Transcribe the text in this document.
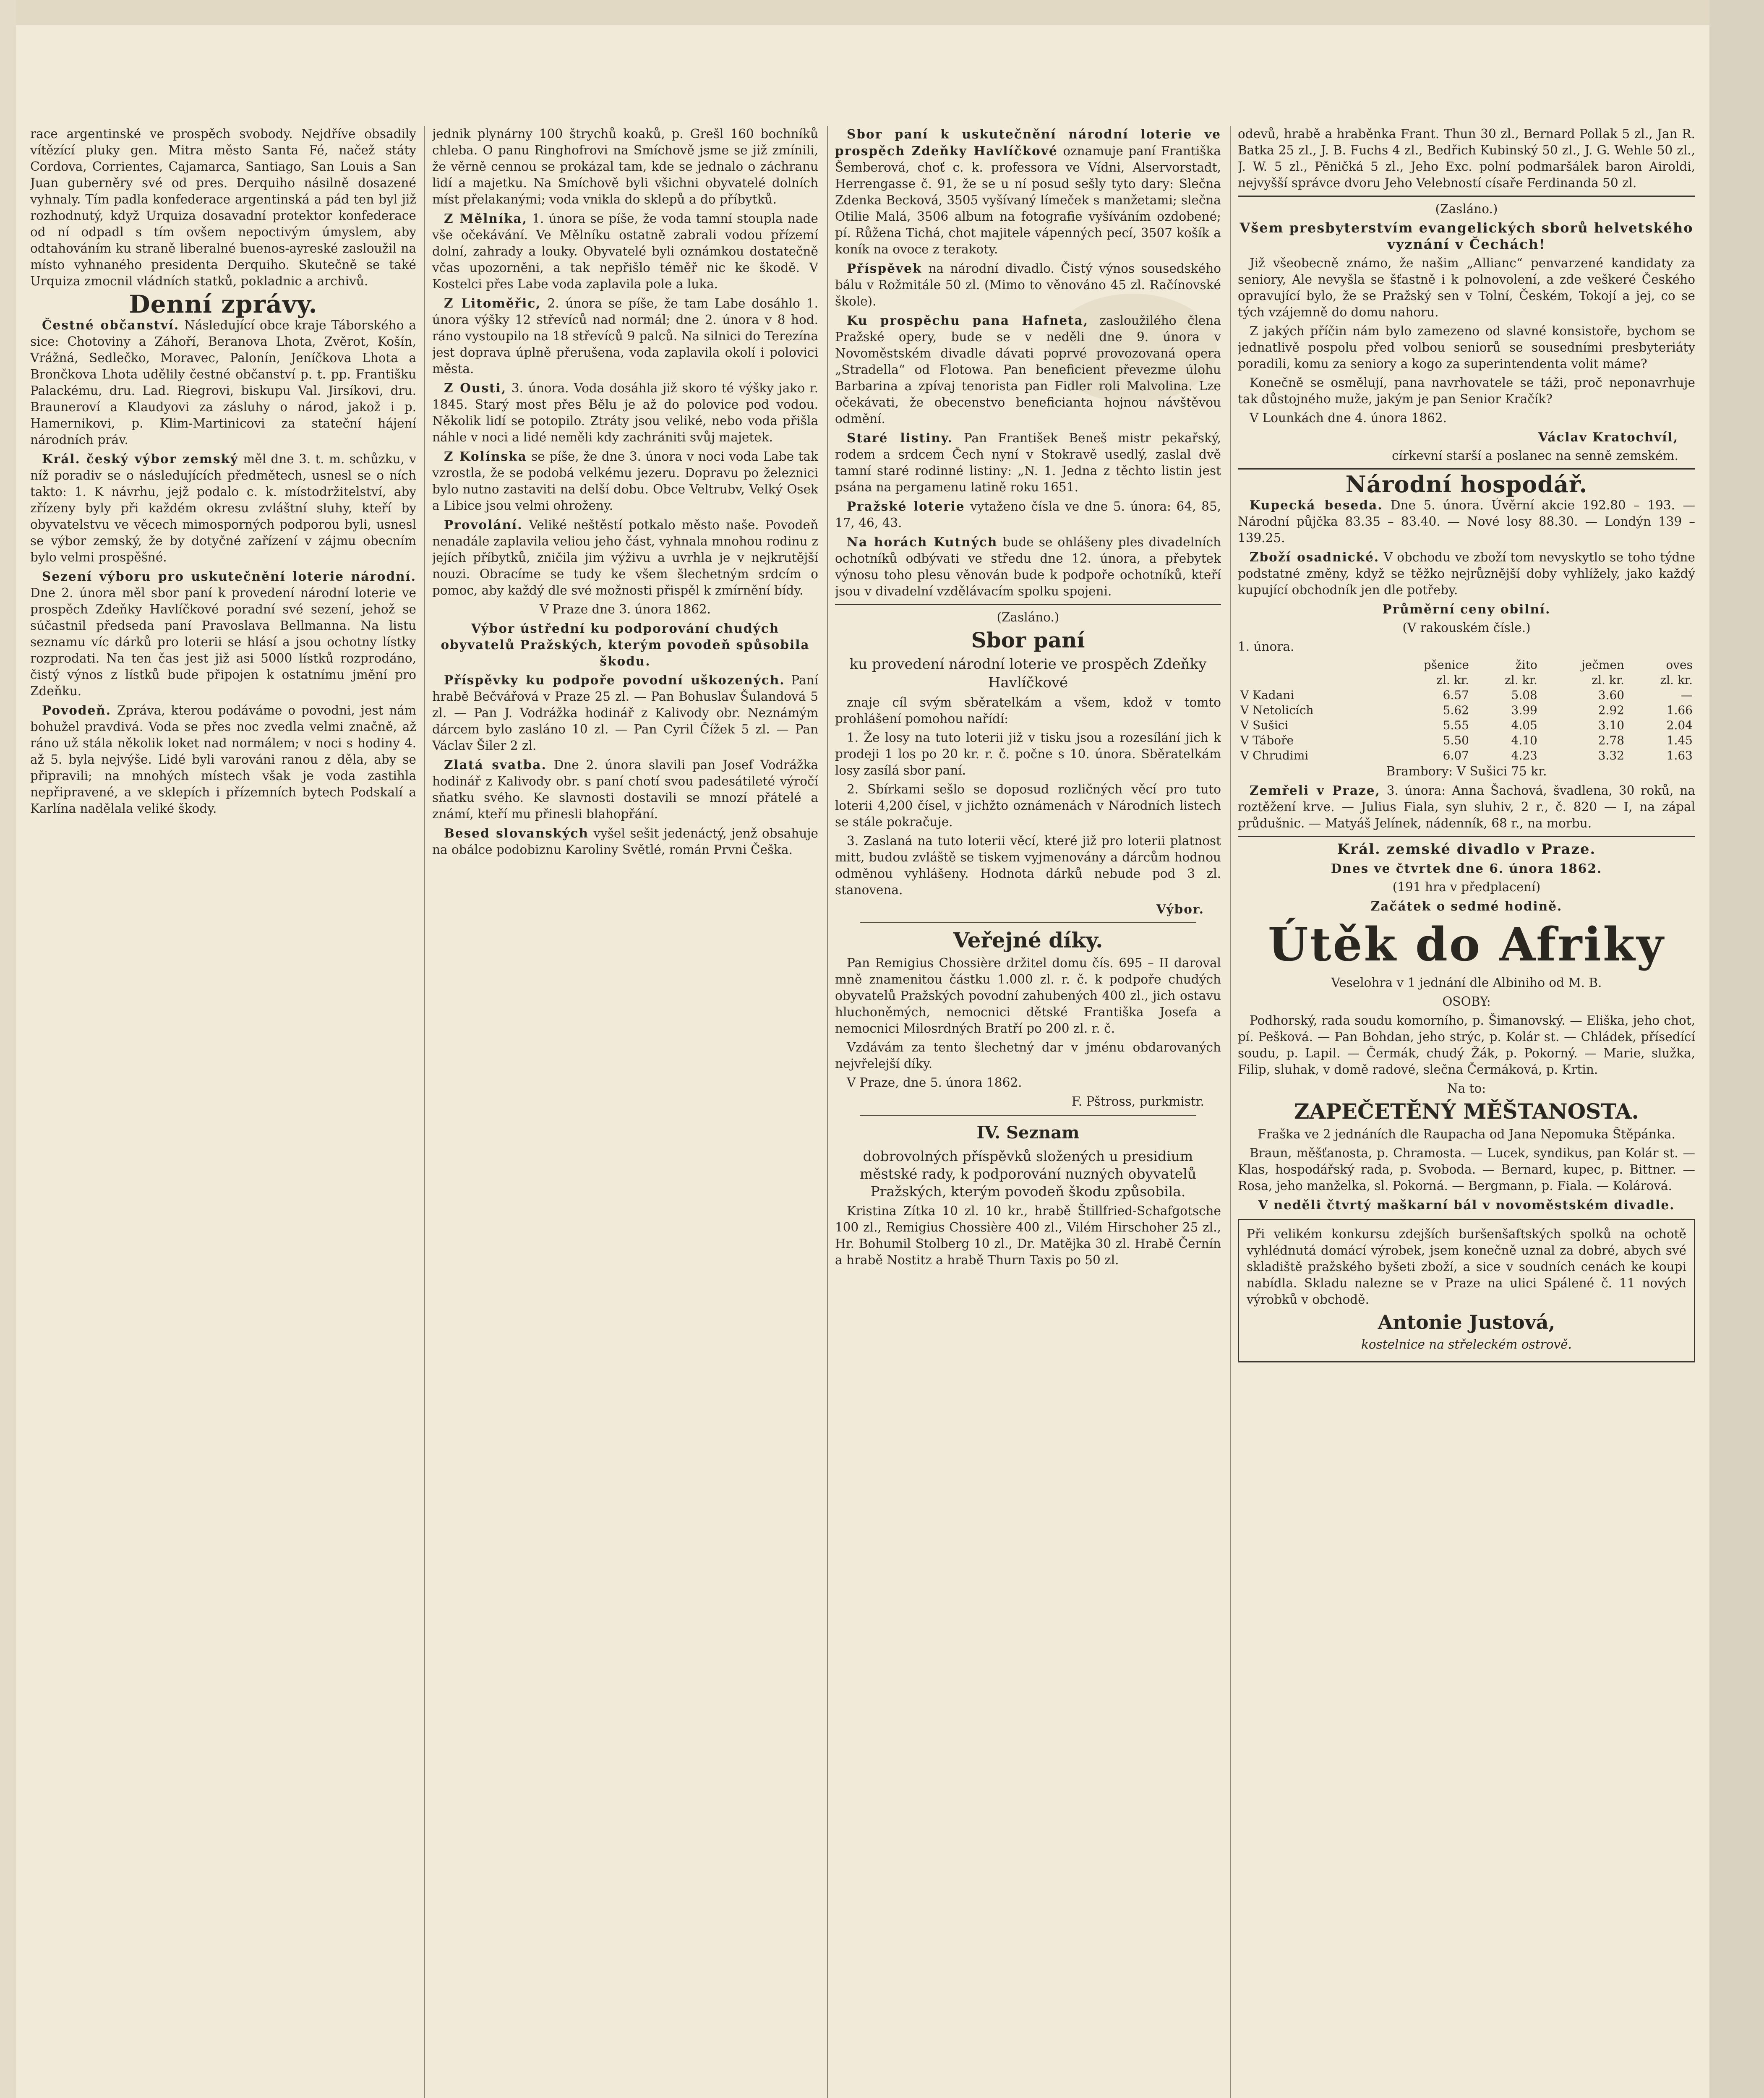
race argentinské ve prospěch svobody. Nejdříve obsadily vítězící pluky gen. Mitra město Santa Fé, načež státy Cordova, Corrientes, Cajamarca, Santiago, San Louis a San Juan guberněry své od pres. Derquiho násilně dosazené vyhnaly. Tím padla konfederace argentinská a pád ten byl již rozhodnutý, když Urquiza dosavadní protektor konfederace od ní odpadl s tím ovšem nepoctivým úmyslem, aby odtahováním ku straně liberalné buenos-ayreské zasloužil na místo vyhnaného presidenta Derquiho. Skutečně se také Urquiza zmocnil vládních statků, pokladnic a archivů.

Denní zprávy.

Čestné občanství. Následující obce kraje Táborského a sice: Chotoviny a Záhoří, Beranova Lhota, Zvěrot, Košín, Vrážná, Sedlečko, Moravec, Palonín, Jeníčkova Lhota a Brončkova Lhota udělily čestné občanství p. t. pp. Františku Palackému, dru. Lad. Riegrovi, biskupu Val. Jirsíkovi, dru. Brauneroví a Klaudyovi za zásluhy o národ, jakož i p. Hamernikovi, p. Klim-Martinicovi za stateční hájení národních práv.

Král. český výbor zemský měl dne 3. t. m. schůzku, v níž poradiv se o následujících předmětech, usnesl se o ních takto: 1. K návrhu, jejž podalo c. k. místodržitelství, aby zřízeny byly při každém okresu zvláštní sluhy, kteří by obyvatelstvu ve věcech mimosporných podporou byli, usnesl se výbor zemský, že by dotyčné zařízení v zájmu obecním bylo velmi prospěšné.

Sezení výboru pro uskutečnění loterie národní. Dne 2. února měl sbor paní k provedení národní loterie ve prospěch Zdeňky Havlíčkové poradní své sezení, jehož se súčastnil předseda paní Pravoslava Bellmanna. Na listu seznamu víc dárků pro loterii se hlásí a jsou ochotny lístky rozprodati. Na ten čas jest již asi 5000 lístků rozprodáno, čistý výnos z lístků bude připojen k ostatnímu jmění pro Zdeňku.

Povodeň. Zpráva, kterou podáváme o povodni, jest nám bohužel pravdivá. Voda se přes noc zvedla velmi značně, až ráno už stála několik loket nad normálem; v noci s hodiny 4. až 5. byla nejvýše. Lidé byli varováni ranou z děla, aby se připravili; na mnohých místech však je voda zastihla nepřipravené, a ve sklepích i přízemních bytech Podskalí a Karlína nadělala veliké škody.

jednik plynárny 100 štrychů koaků, p. Grešl 160 bochníků chleba. O panu Ringhofrovi na Smíchově jsme se již zmínili, že věrně cennou se prokázal tam, kde se jednalo o záchranu lidí a majetku. Na Smíchově byli všichni obyvatelé dolních míst přelakanými; voda vnikla do sklepů a do příbytků.

Z Mělníka, 1. února se píše, že voda tamní stoupla nade vše očekávání. Ve Mělníku ostatně zabrali vodou přízemí dolní, zahrady a louky. Obyvatelé byli oznámkou dostatečně včas upozorněni, a tak nepřišlo téměř nic ke škodě. V Kostelci přes Labe voda zaplavila pole a luka.

Z Litoměřic, 2. února se píše, že tam Labe dosáhlo 1. února výšky 12 střevíců nad normál; dne 2. února v 8 hod. ráno vystoupilo na 18 střevíců 9 palců. Na silnici do Terezína jest doprava úplně přerušena, voda zaplavila okolí i polovici města.

Z Ousti, 3. února. Voda dosáhla již skoro té výšky jako r. 1845. Starý most přes Bělu je až do polovice pod vodou. Několik lidí se potopilo. Ztráty jsou veliké, nebo voda přišla náhle v noci a lidé neměli kdy zachrániti svůj majetek.

Z Kolínska se píše, že dne 3. února v noci voda Labe tak vzrostla, že se podobá velkému jezeru. Dopravu po železnici bylo nutno zastaviti na delší dobu. Obce Veltrubv, Velký Osek a Libice jsou velmi ohroženy.

Provolání. Veliké neštěstí potkalo město naše. Povodeň nenadále zaplavila veliou jeho část, vyhnala mnohou rodinu z jejích příbytků, zničila jim výživu a uvrhla je v nejkrutější nouzi. Obracíme se tudy ke všem šlechetným srdcím o pomoc, aby každý dle své možnosti přispěl k zmírnění bídy.

V Praze dne 3. února 1862.

Výbor ústřední ku podporování chudých obyvatelů Pražských, kterým povodeň spůsobila škodu.

Příspěvky ku podpoře povodní uškozených. Paní hrabě Bečvářová v Praze 25 zl. — Pan Bohuslav Šulandová 5 zl. — Pan J. Vodrážka hodinář z Kalivody obr. Neznámým dárcem bylo zasláno 10 zl. — Pan Cyril Čížek 5 zl. — Pan Václav Šiler 2 zl.

Zlatá svatba. Dne 2. února slavili pan Josef Vodrážka hodinář z Kalivody obr. s paní chotí svou padesátileté výročí sňatku svého. Ke slavnosti dostavili se mnozí přátelé a známí, kteří mu přinesli blahopřání.

Besed slovanských vyšel sešit jedenáctý, jenž obsahuje na obálce podobiznu Karoliny Světlé, román Prvni Češka.

Sbor paní k uskutečnění národní loterie ve prospěch Zdeňky Havlíčkové oznamuje paní Františka Šemberová, choť c. k. professora ve Vídni, Alservorstadt, Herrengasse č. 91, že se u ní posud sešly tyto dary: Slečna Zdenka Becková, 3505 vyšívaný límeček s manžetami; slečna Otilie Malá, 3506 album na fotografie vyšíváním ozdobené; pí. Růžena Tichá, chot majitele vápenných pecí, 3507 košík a koník na ovoce z terakoty.

Příspěvek na národní divadlo. Čistý výnos sousedského bálu v Rožmitále 50 zl. (Mimo to věnováno 45 zl. Račínovské škole).

Ku prospěchu pana Hafneta, zasloužilého člena Pražské opery, bude se v neděli dne 9. února v Novoměstském divadle dávati poprvé provozovaná opera „Stradella“ od Flotowa. Pan beneficient převezme úlohu Barbarina a zpívaj tenorista pan Fidler roli Malvolina. Lze očekávati, že obecenstvo beneficianta hojnou návštěvou odmění.

Staré listiny. Pan František Beneš mistr pekařský, rodem a srdcem Čech nyní v Stokravě usedlý, zaslal dvě tamní staré rodinné listiny: „N. 1. Jedna z těchto listin jest psána na pergamenu latině roku 1651.

Pražské loterie vytaženo čísla ve dne 5. února: 64, 85, 17, 46, 43.

Na horách Kutných bude se ohlášeny ples divadelních ochotníků odbývati ve středu dne 12. února, a přebytek výnosu toho plesu věnován bude k podpoře ochotníků, kteří jsou v divadelní vzdělávacím spolku spojeni.

(Zasláno.)

Sbor paní

ku provedení národní loterie ve prospěch Zdeňky Havlíčkové

znaje cíl svým sběratelkám a všem, kdož v tomto prohlášení pomohou nařídí:

1. Že losy na tuto loterii již v tisku jsou a rozesílání jich k prodeji 1 los po 20 kr. r. č. počne s 10. února. Sběratelkám losy zasílá sbor paní.

2. Sbírkami sešlo se doposud rozličných věcí pro tuto loterii 4,200 čísel, v jichžto oznámenách v Národních listech se stále pokračuje.

3. Zaslaná na tuto loterii věcí, které již pro loterii platnost mitt, budou zvláště se tiskem vyjmenovány a dárcům hodnou odměnou vyhlášeny. Hodnota dárků nebude pod 3 zl. stanovena.

Výbor.

Veřejné díky.

Pan Remigius Chossière držitel domu čís. 695 – II daroval mně znamenitou částku 1.000 zl. r. č. k podpoře chudých obyvatelů Pražských povodní zahubených 400 zl., jich ostavu hluchoněmých, nemocnici dětské Františka Josefa a nemocnici Milosrdných Bratří po 200 zl. r. č.

Vzdávám za tento šlechetný dar v jménu obdarovaných nejvřelejší díky.

V Praze, dne 5. února 1862.

F. Pštross, purkmistr.

IV. Seznam

dobrovolných příspěvků složených u presidium městské rady, k podporování nuzných obyvatelů Pražských, kterým povodeň škodu způsobila.

Kristina Zítka 10 zl. 10 kr., hrabě Štillfried-Schafgotsche 100 zl., Remigius Chossière 400 zl., Vilém Hirschoher 25 zl., Hr. Bohumil Stolberg 10 zl., Dr. Matějka 30 zl. Hrabě Černín a hrabě Nostitz a hrabě Thurn Taxis po 50 zl.

odevů, hrabě a hraběnka Frant. Thun 30 zl., Bernard Pollak 5 zl., Jan R. Batka 25 zl., J. B. Fuchs 4 zl., Bedřich Kubinský 50 zl., J. G. Wehle 50 zl., J. W. 5 zl., Pěničká 5 zl., Jeho Exc. polní podmaršálek baron Airoldi, nejvyšší správce dvoru Jeho Velebností císaře Ferdinanda 50 zl.

(Zasláno.)

Všem presbyterstvím evangelických sborů helvetského vyznání v Čechách!

Již všeobecně známo, že našim „Allianc“ penvarzené kandidaty za seniory, Ale nevyšla se šťastně i k polnovolení, a zde veškeré Českého opravující bylo, že se Pražský sen v Tolní, Českém, Tokojí a jej, co se tých vzájemně do domu nahoru.

Z jakých příčin nám bylo zamezeno od slavné konsistoře, bychom se jednatlivě pospolu před volbou seniorů se sousedními presbyteriáty poradili, komu za seniory a kogo za superintendenta volit máme?

Konečně se osmělují, pana navrhovatele se táži, proč neponavrhuje tak důstojného muže, jakým je pan Senior Kračík?

V Lounkách dne 4. února 1862.

Václav Kratochvíl,

církevní starší a poslanec na senně zemském.

Národní hospodář.

Kupecká beseda. Dne 5. února. Úvěrní akcie 192.80 – 193. — Národní půjčka 83.35 – 83.40. — Nové losy 88.30. — Londýn 139 – 139.25.

Zboží osadnické. V obchodu ve zboží tom nevyskytlo se toho týdne podstatné změny, když se těžko nejrůznější doby vyhlížely, jako každý kupující obchodník jen dle potřeby.

Průměrní ceny obilní.

(V rakouském čísle.)

1. února.

	pšenice	žito	ječmen	oves
	zl. kr.	zl. kr.	zl. kr.	zl. kr.
V Kadani	6.57	5.08	3.60	—
V Netolicích	5.62	3.99	2.92	1.66
V Sušici	5.55	4.05	3.10	2.04
V Táboře	5.50	4.10	2.78	1.45
V Chrudimi	6.07	4.23	3.32	1.63

Brambory: V Sušici 75 kr.

Zemřeli v Praze, 3. února: Anna Šachová, švadlena, 30 roků, na roztěžení krve. — Julius Fiala, syn sluhiv, 2 r., č. 820 — I, na zápal průdušnic. — Matyáš Jelínek, nádenník, 68 r., na morbu.

Král. zemské divadlo v Praze.

Dnes ve čtvrtek dne 6. února 1862.

(191 hra v předplacení)

Začátek o sedmé hodině.

Útěk do Afriky

Veselohra v 1 jednání dle Albiniho od M. B.

OSOBY:

Podhorský, rada soudu komorního, p. Šimanovský. — Eliška, jeho chot, pí. Pešková. — Pan Bohdan, jeho strýc, p. Kolár st. — Chládek, přísedící soudu, p. Lapil. — Čermák, chudý Žák, p. Pokorný. — Marie, služka, Filip, sluhak, v domě radové, slečna Čermáková, p. Krtin.

Na to:

ZAPEČETĚNÝ MĚŠTANOSTA.

Fraška ve 2 jednáních dle Raupacha od Jana Nepomuka Štěpánka.

Braun, měšťanosta, p. Chramosta. — Lucek, syndikus, pan Kolár st. — Klas, hospodářský rada, p. Svoboda. — Bernard, kupec, p. Bittner. — Rosa, jeho manželka, sl. Pokorná. — Bergmann, p. Fiala. — Kolárová.

V neděli čtvrtý maškarní bál v novoměstském divadle.

Při velikém konkursu zdejších buršenšaftských spolků na ochotě vyhlédnutá domácí výrobek, jsem konečně uznal za dobré, abych své skladiště pražského byšeti zboží, a sice v soudních cenách ke koupi nabídla. Skladu nalezne se v Praze na ulici Spálené č. 11 nových výrobků v obchodě.

Antonie Justová,

kostelnice na střeleckém ostrově.
